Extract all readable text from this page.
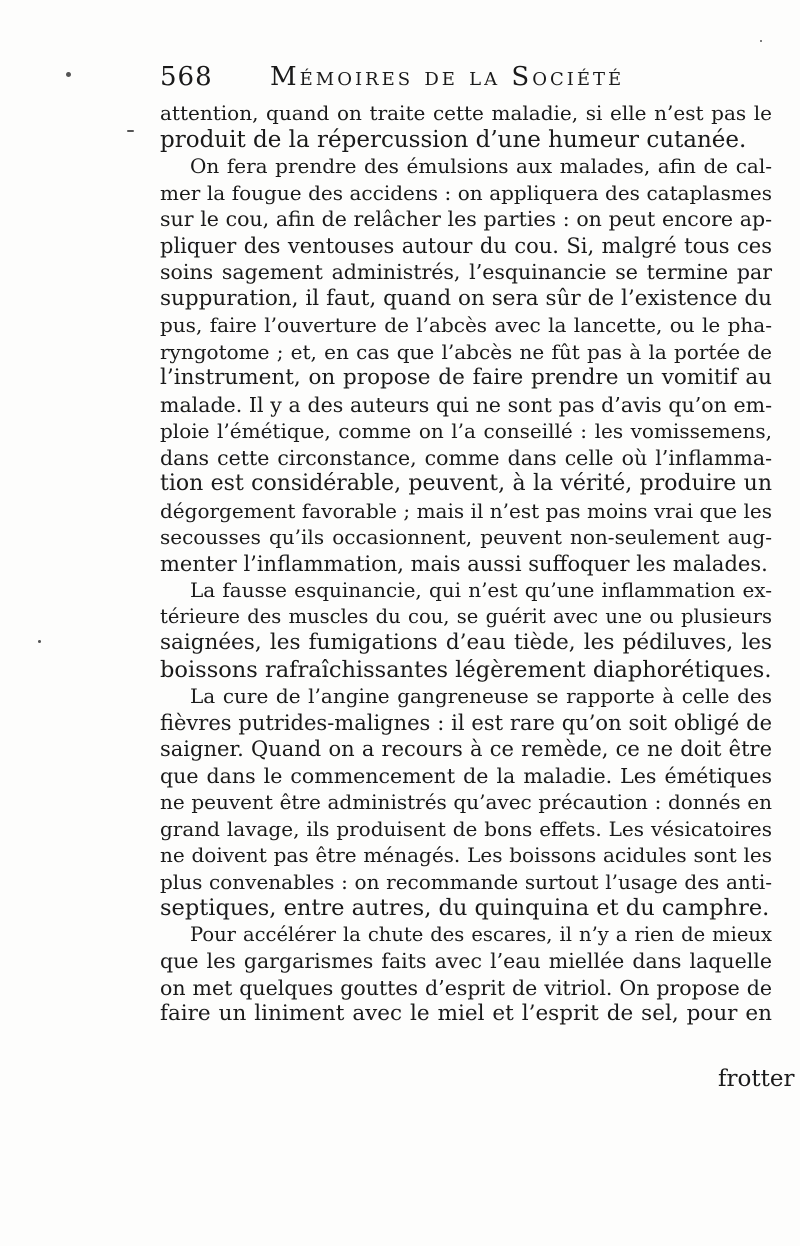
568 Mémoires de la Société
attention, quand on traite cette maladie, si elle n’est pas le
produit de la répercussion d’une humeur cutanée.
On fera prendre des émulsions aux malades, afin de cal-
mer la fougue des accidens : on appliquera des cataplasmes
sur le cou, afin de relâcher les parties : on peut encore ap-
pliquer des ventouses autour du cou. Si, malgré tous ces
soins sagement administrés, l’esquinancie se termine par
suppuration, il faut, quand on sera sûr de l’existence du
pus, faire l’ouverture de l’abcès avec la lancette, ou le pha-
ryngotome ; et, en cas que l’abcès ne fût pas à la portée de
l’instrument, on propose de faire prendre un vomitif au
malade. Il y a des auteurs qui ne sont pas d’avis qu’on em-
ploie l’émétique, comme on l’a conseillé : les vomissemens,
dans cette circonstance, comme dans celle où l’inflamma-
tion est considérable, peuvent, à la vérité, produire un
dégorgement favorable ; mais il n’est pas moins vrai que les
secousses qu’ils occasionnent, peuvent non-seulement aug-
menter l’inflammation, mais aussi suffoquer les malades.
La fausse esquinancie, qui n’est qu’une inflammation ex-
térieure des muscles du cou, se guérit avec une ou plusieurs
saignées, les fumigations d’eau tiède, les pédiluves, les
boissons rafraîchissantes légèrement diaphorétiques.
La cure de l’angine gangreneuse se rapporte à celle des
fièvres putrides-malignes : il est rare qu’on soit obligé de
saigner. Quand on a recours à ce remède, ce ne doit être
que dans le commencement de la maladie. Les émétiques
ne peuvent être administrés qu’avec précaution : donnés en
grand lavage, ils produisent de bons effets. Les vésicatoires
ne doivent pas être ménagés. Les boissons acidules sont les
plus convenables : on recommande surtout l’usage des anti-
septiques, entre autres, du quinquina et du camphre.
Pour accélérer la chute des escares, il n’y a rien de mieux
que les gargarismes faits avec l’eau miellée dans laquelle
on met quelques gouttes d’esprit de vitriol. On propose de
faire un liniment avec le miel et l’esprit de sel, pour en
frotter
